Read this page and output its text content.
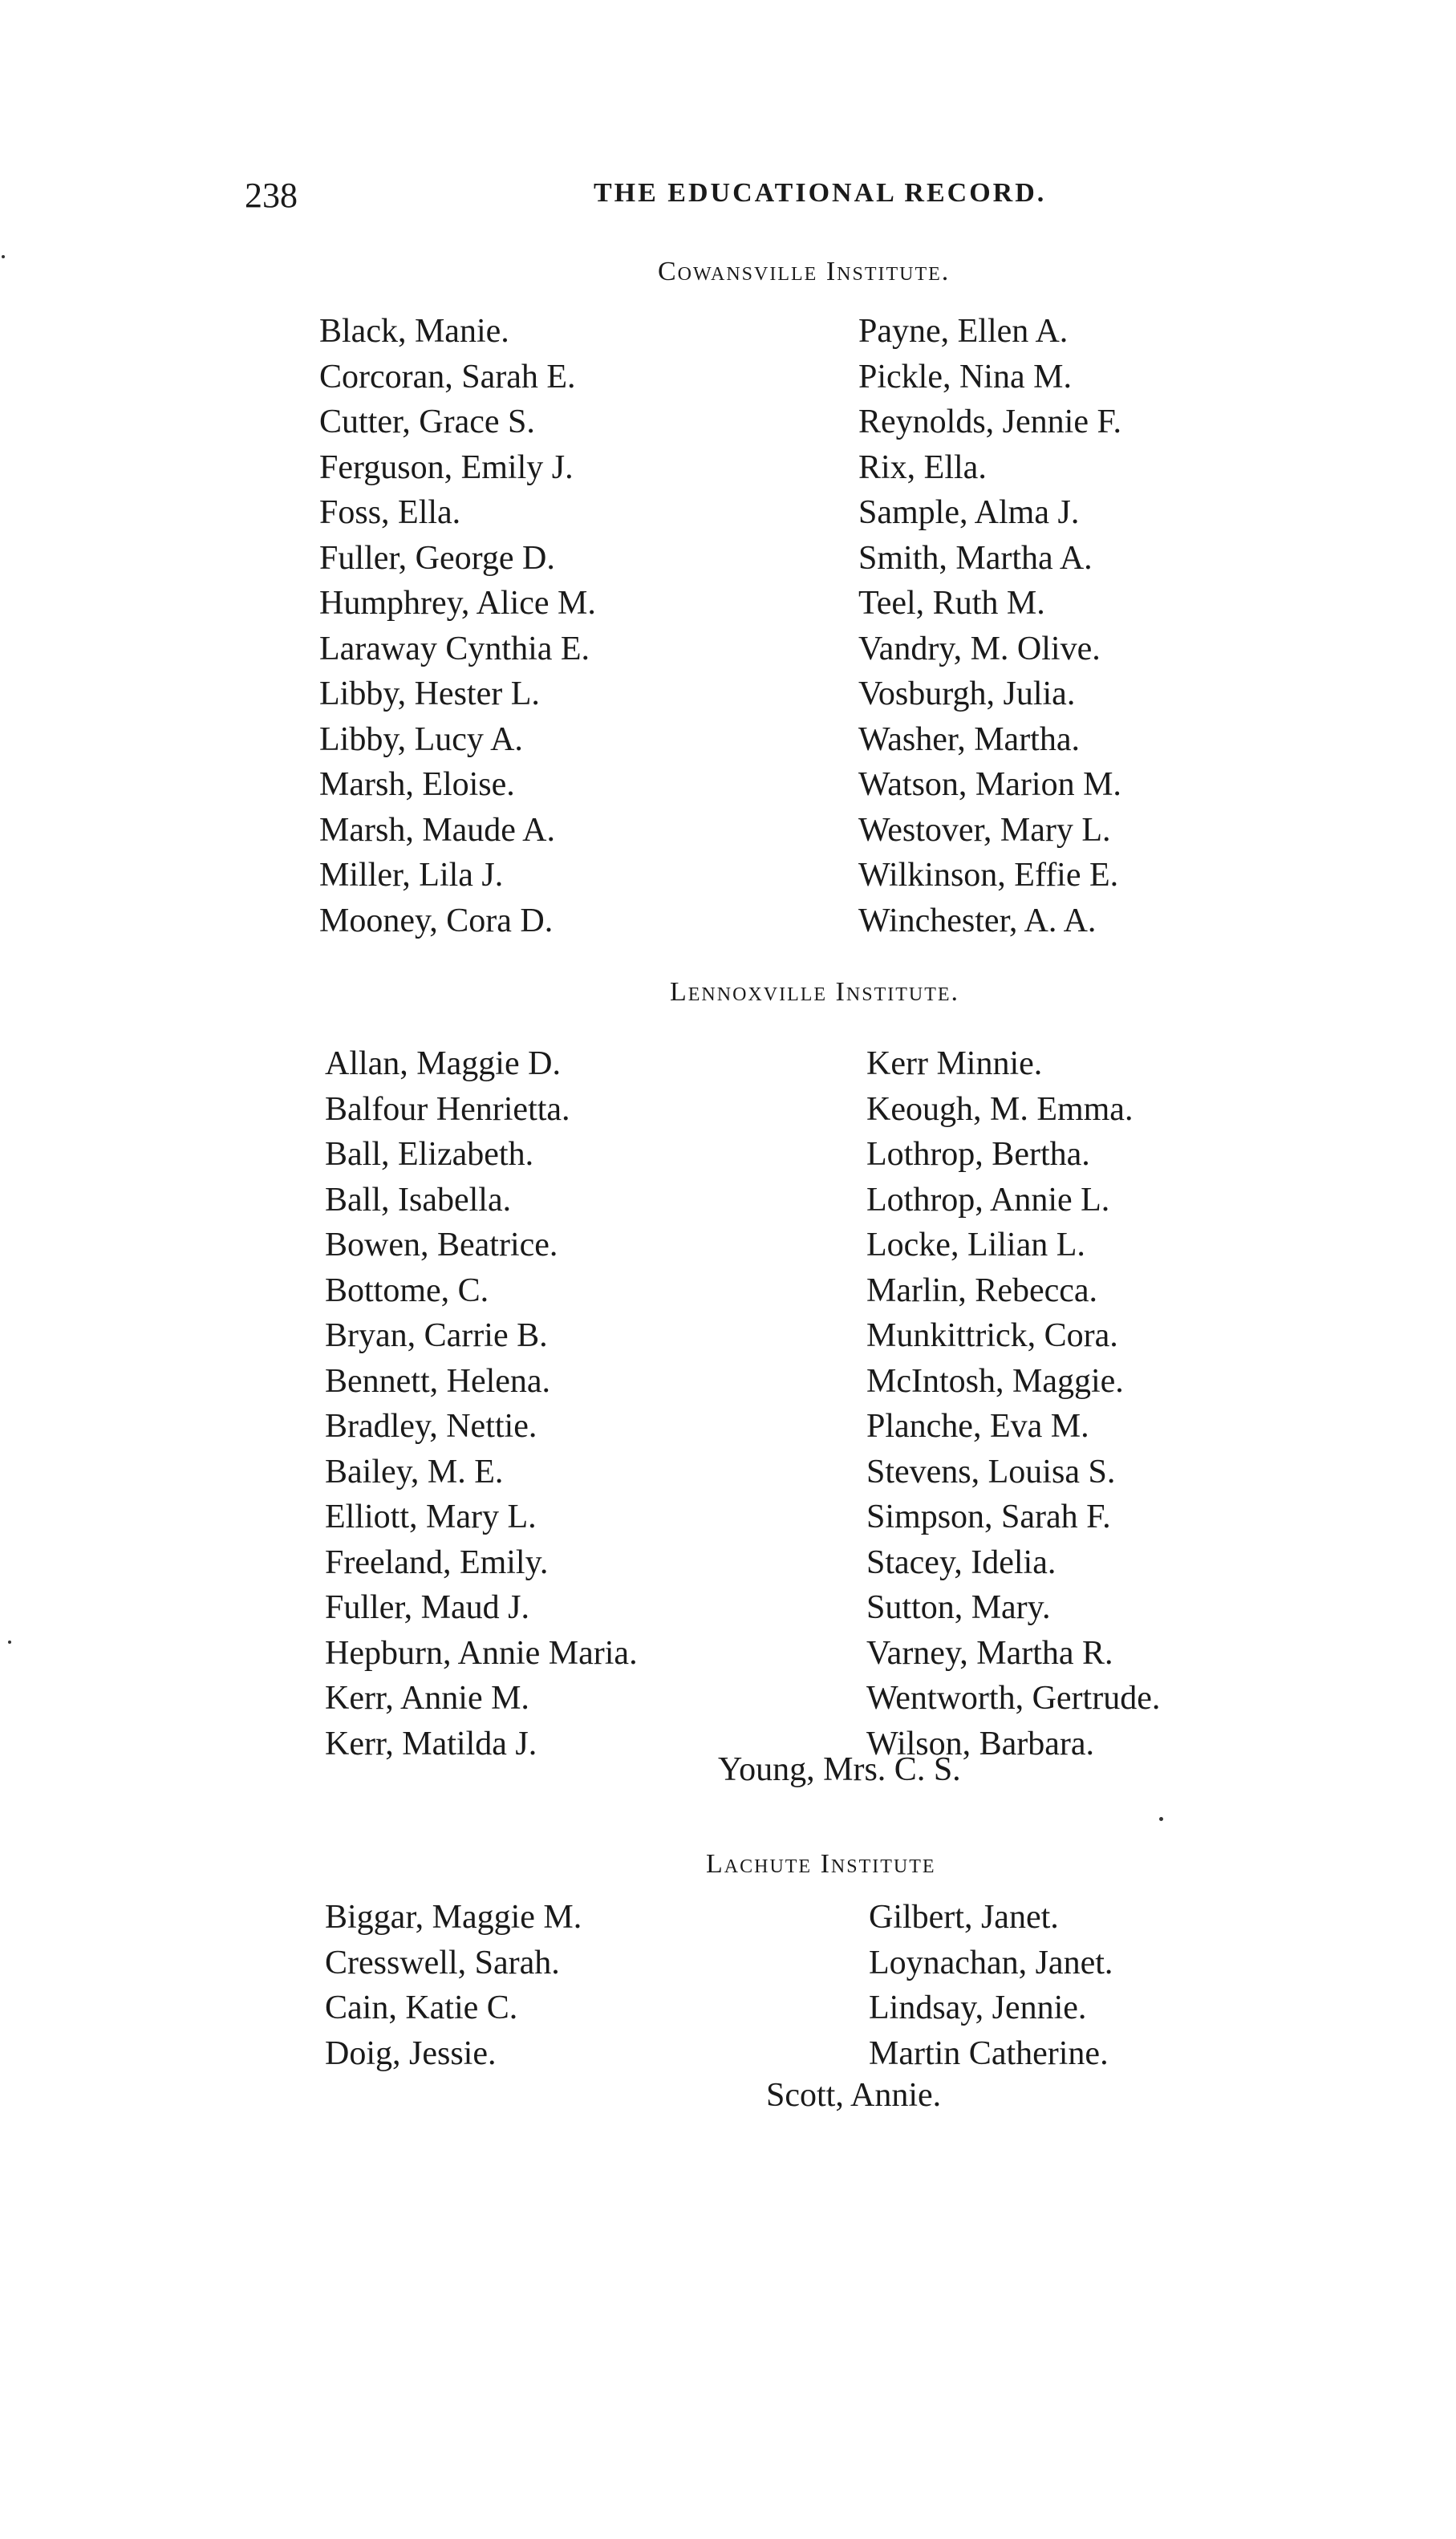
238	THE EDUCATIONAL RECORD.
Cowansville Institute.
Black, Manie.
Corcoran, Sarah E.
Cutter, Grace S.
Ferguson, Emily J.
Foss, Ella.
Fuller, George D.
Humphrey, Alice M.
Laraway Cynthia E.
Libby, Hester L.
Libby, Lucy A.
Marsh, Eloise.
Marsh, Maude A.
Miller, Lila J.
Mooney, Cora D.
Payne, Ellen A.
Pickle, Nina M.
Reynolds, Jennie F.
Rix, Ella.
Sample, Alma J.
Smith, Martha A.
Teel, Ruth M.
Vandry, M. Olive.
Vosburgh, Julia.
Washer, Martha.
Watson, Marion M.
Westover, Mary L.
Wilkinson, Effie E.
Winchester, A. A.
Lennoxville Institute.
Allan, Maggie D.
Balfour Henrietta.
Ball, Elizabeth.
Ball, Isabella.
Bowen, Beatrice.
Bottome, C.
Bryan, Carrie B.
Bennett, Helena.
Bradley, Nettie.
Bailey, M. E.
Elliott, Mary L.
Freeland, Emily.
Fuller, Maud J.
Hepburn, Annie Maria.
Kerr, Annie M.
Kerr, Matilda J.
Kerr Minnie.
Keough, M. Emma.
Lothrop, Bertha.
Lothrop, Annie L.
Locke, Lilian L.
Marlin, Rebecca.
Munkittrick, Cora.
McIntosh, Maggie.
Planche, Eva M.
Stevens, Louisa S.
Simpson, Sarah F.
Stacey, Idelia.
Sutton, Mary.
Varney, Martha R.
Wentworth, Gertrude.
Wilson, Barbara.
Young, Mrs. C. S.
Lachute Institute
Biggar, Maggie M.
Cresswell, Sarah.
Cain, Katie C.
Doig, Jessie.
Gilbert, Janet.
Loynachan, Janet.
Lindsay, Jennie.
Martin Catherine.
Scott, Annie.
